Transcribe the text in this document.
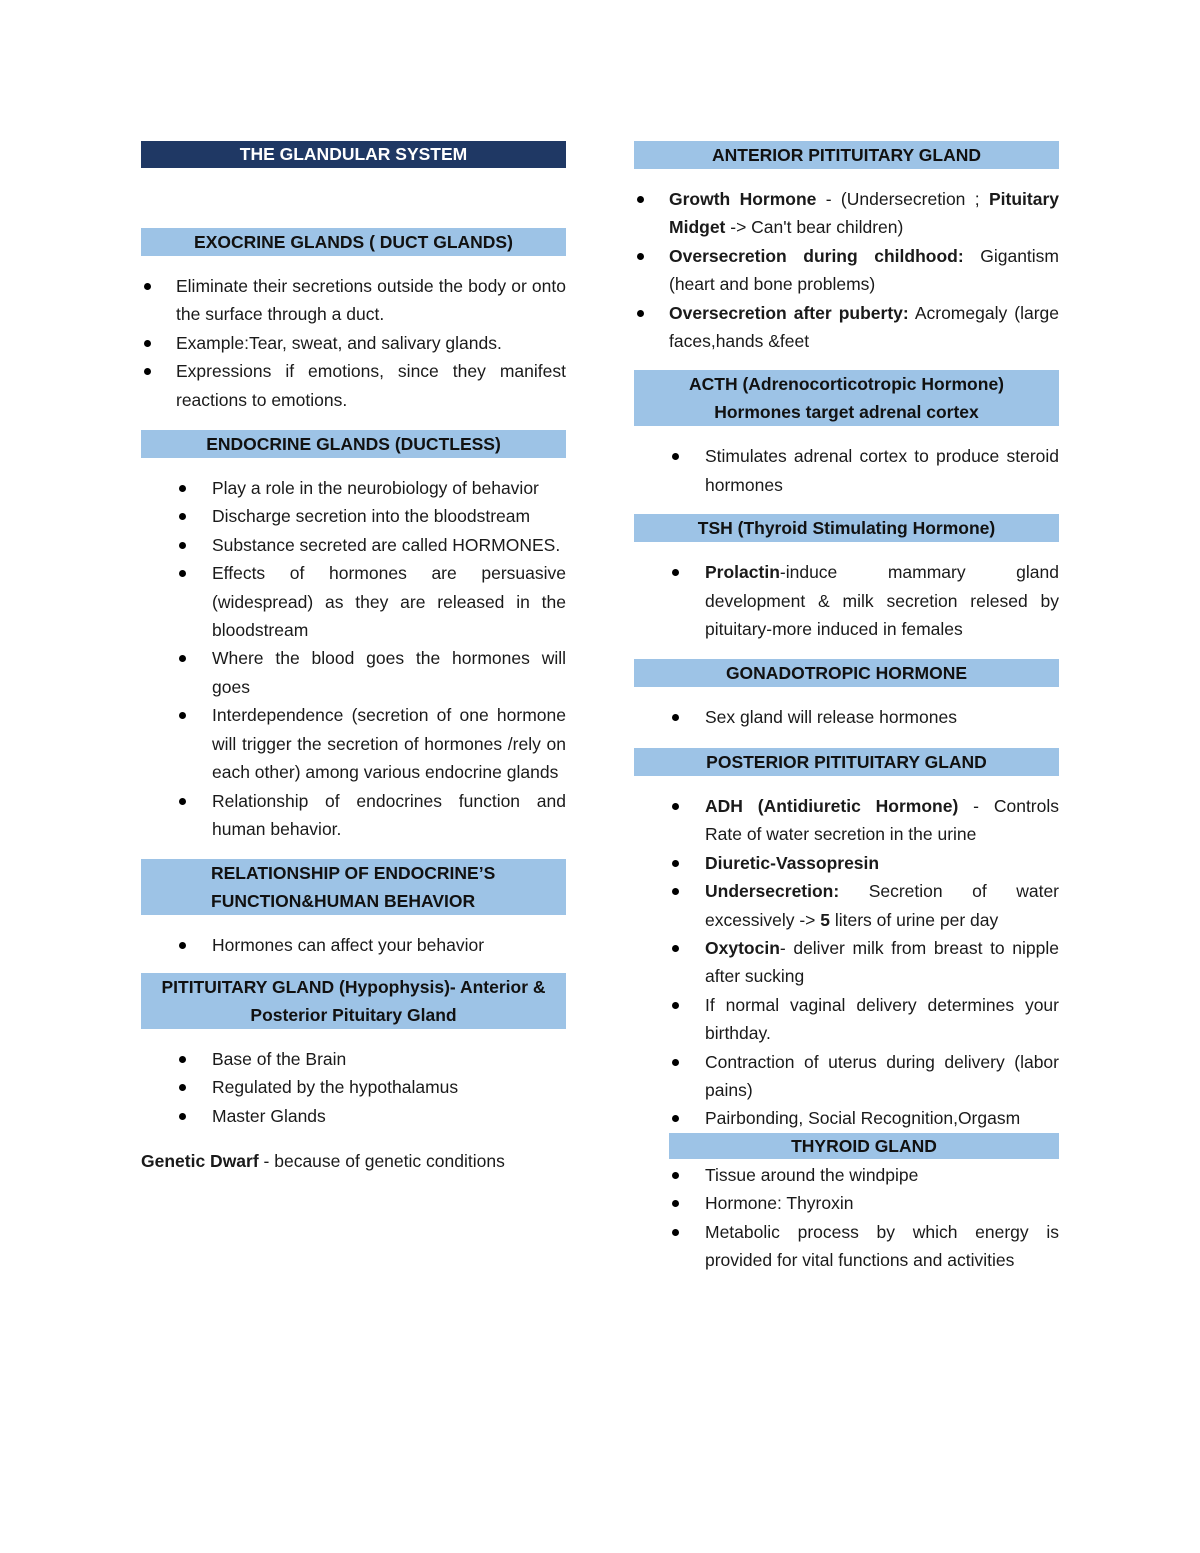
THE GLANDULAR SYSTEM
EXOCRINE GLANDS ( DUCT GLANDS)
Eliminate their secretions outside the body or onto the surface through a duct.
Example:Tear, sweat, and salivary glands.
Expressions if emotions, since they manifest reactions to emotions.
ENDOCRINE GLANDS (DUCTLESS)
Play a role in the neurobiology of behavior
Discharge secretion into the bloodstream
Substance secreted are called HORMONES.
Effects of hormones are persuasive (widespread) as they are released in the bloodstream
Where the blood goes the hormones will goes
Interdependence (secretion of one hormone will trigger the secretion of hormones /rely on each other) among various endocrine glands
Relationship of endocrines function and human behavior.
RELATIONSHIP OF ENDOCRINE’S
FUNCTION&HUMAN BEHAVIOR
Hormones can affect your behavior
PITITUITARY GLAND (Hypophysis)- Anterior &
Posterior Pituitary Gland
Base of the Brain
Regulated by the hypothalamus
Master Glands
Genetic Dwarf - because of genetic conditions
ANTERIOR PITITUITARY GLAND
Growth Hormone - (Undersecretion ; Pituitary Midget -> Can't bear children)
Oversecretion during childhood: Gigantism (heart and bone problems)
Oversecretion after puberty: Acromegaly (large faces,hands &feet
ACTH (Adrenocorticotropic Hormone)
Hormones target adrenal cortex
Stimulates adrenal cortex to produce steroid hormones
TSH (Thyroid Stimulating Hormone)
Prolactin-induce mammary gland development & milk secretion relesed by pituitary-more induced in females
GONADOTROPIC HORMONE
Sex gland will release hormones
POSTERIOR PITITUITARY GLAND
ADH (Antidiuretic Hormone) - Controls Rate of water secretion in the urine
Diuretic-Vassopresin
Undersecretion: Secretion of water excessively -> 5 liters of urine per day
Oxytocin- deliver milk from breast to nipple after sucking
If normal vaginal delivery determines your birthday.
Contraction of uterus during delivery (labor pains)
Pairbonding, Social Recognition,Orgasm
THYROID GLAND
Tissue around the windpipe
Hormone: Thyroxin
Metabolic process by which energy is provided for vital functions and activities
